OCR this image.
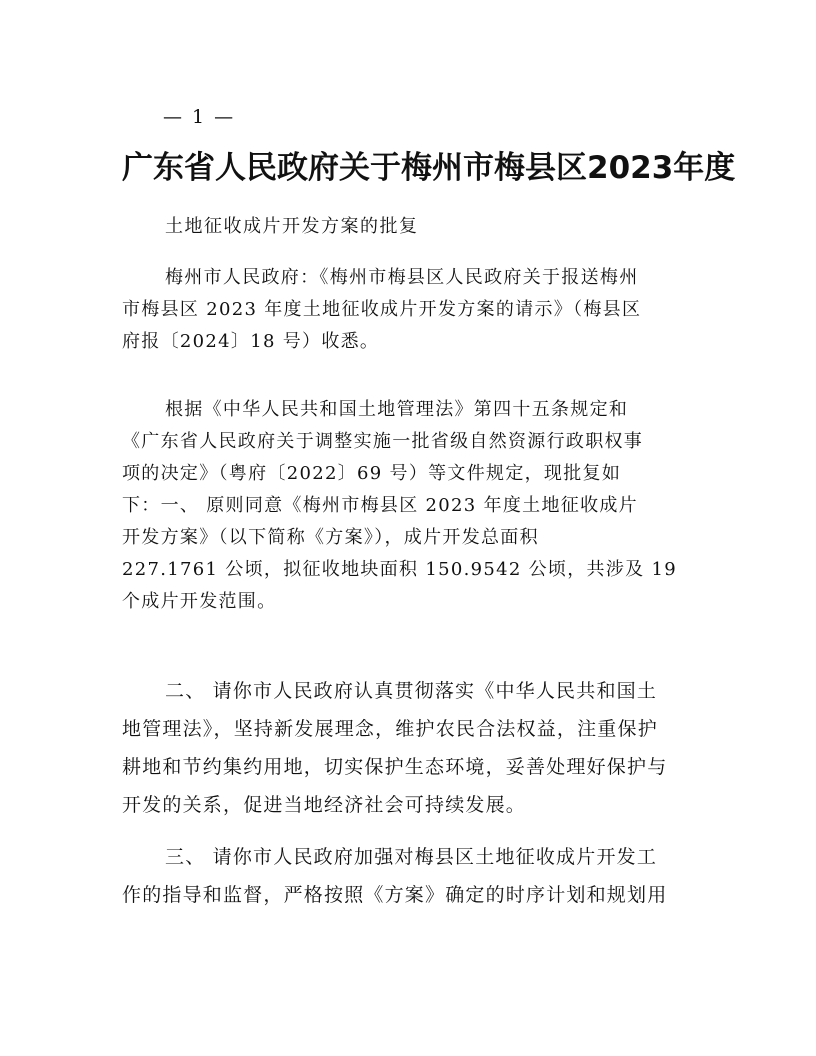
— 1 —
广东省人民政府关于梅州市梅县区2023年度
土地征收成片开发方案的批复
梅州市人民政府：《梅州市梅县区人民政府关于报送梅州
市梅县区 2023 年度土地征收成片开发方案的请示》（梅县区
府报〔2024〕18 号）收悉。
根据《中华人民共和国土地管理法》第四十五条规定和
《广东省人民政府关于调整实施一批省级自然资源行政职权事
项的决定》（粤府〔2022〕69 号）等文件规定，现批复如
下：一、 原则同意《梅州市梅县区 2023 年度土地征收成片
开发方案》（以下简称《方案》），成片开发总面积
227.1761 公顷，拟征收地块面积 150.9542 公顷，共涉及 19
个成片开发范围。
二、 请你市人民政府认真贯彻落实《中华人民共和国土
地管理法》，坚持新发展理念，维护农民合法权益，注重保护
耕地和节约集约用地，切实保护生态环境，妥善处理好保护与
开发的关系，促进当地经济社会可持续发展。
三、 请你市人民政府加强对梅县区土地征收成片开发工
作的指导和监督，严格按照《方案》确定的时序计划和规划用
